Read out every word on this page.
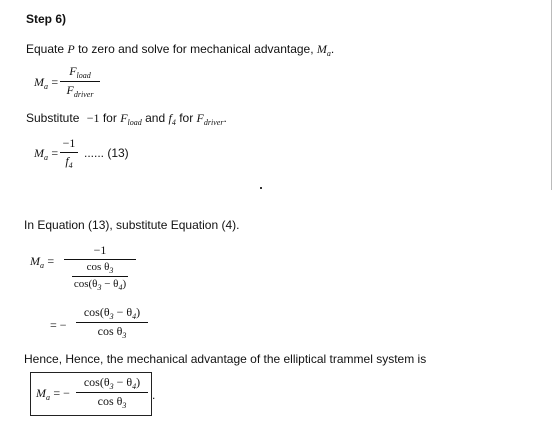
Step 6)
Equate P to zero and solve for mechanical advantage, $M_a$.
$M_a$ =
$F_{load}$
$F_{driver}$
Substitute −1 for $F_{load}$ and $f_4$ for $F_{driver}$.
$M_a$ =
−1
$f_4$
...... (13)
In Equation (13), substitute Equation (4).
$M_a$ =
−1
$\cos \theta_3$
$\cos(\theta_3 - \theta_4)$
= −
$\cos(\theta_3 - \theta_4)$
$\cos \theta_3$
Hence, Hence, the mechanical advantage of the elliptical trammel system is
$M_a$ = −
$\cos(\theta_3 - \theta_4)$
$\cos \theta_3$
.
